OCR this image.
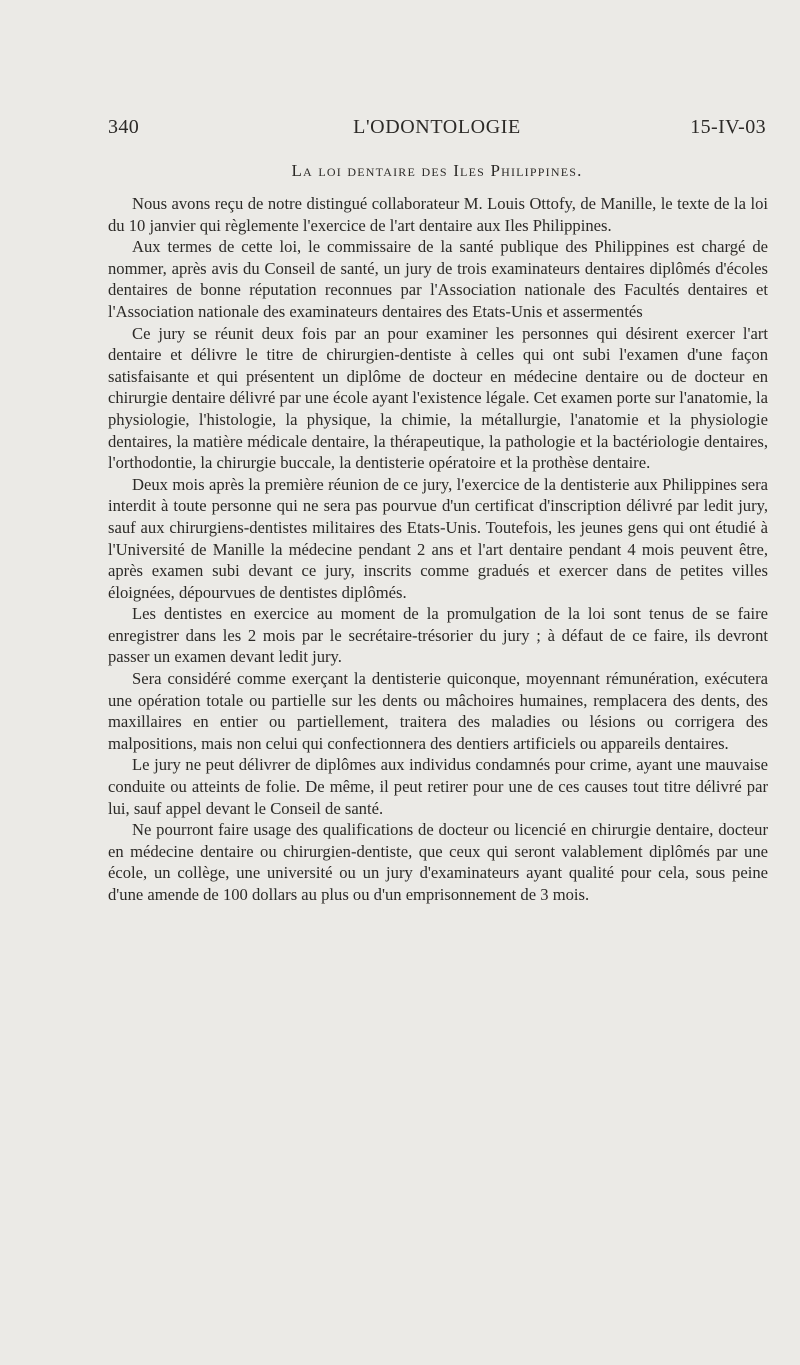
340	L'ODONTOLOGIE	15-IV-03
La loi dentaire des Iles Philippines.

Nous avons reçu de notre distingué collaborateur M. Louis Ottofy, de Manille, le texte de la loi du 10 janvier qui règlemente l'exercice de l'art dentaire aux Iles Philippines.

Aux termes de cette loi, le commissaire de la santé publique des Philippines est chargé de nommer, après avis du Conseil de santé, un jury de trois examinateurs dentaires diplômés d'écoles dentaires de bonne réputation reconnues par l'Association nationale des Facultés dentaires et l'Association nationale des examinateurs dentaires des Etats-Unis et assermentés

Ce jury se réunit deux fois par an pour examiner les personnes qui désirent exercer l'art dentaire et délivre le titre de chirurgien-dentiste à celles qui ont subi l'examen d'une façon satisfaisante et qui présentent un diplôme de docteur en médecine dentaire ou de docteur en chirurgie dentaire délivré par une école ayant l'existence légale. Cet examen porte sur l'anatomie, la physiologie, l'histologie, la physique, la chimie, la métallurgie, l'anatomie et la physiologie dentaires, la matière médicale dentaire, la thérapeutique, la pathologie et la bactériologie dentaires, l'orthodontie, la chirurgie buccale, la dentisterie opératoire et la prothèse dentaire.

Deux mois après la première réunion de ce jury, l'exercice de la dentisterie aux Philippines sera interdit à toute personne qui ne sera pas pourvue d'un certificat d'inscription délivré par ledit jury, sauf aux chirurgiens-dentistes militaires des Etats-Unis. Toutefois, les jeunes gens qui ont étudié à l'Université de Manille la médecine pendant 2 ans et l'art dentaire pendant 4 mois peuvent être, après examen subi devant ce jury, inscrits comme gradués et exercer dans de petites villes éloignées, dépourvues de dentistes diplômés.

Les dentistes en exercice au moment de la promulgation de la loi sont tenus de se faire enregistrer dans les 2 mois par le secrétaire-trésorier du jury ; à défaut de ce faire, ils devront passer un examen devant ledit jury.

Sera considéré comme exerçant la dentisterie quiconque, moyennant rémunération, exécutera une opération totale ou partielle sur les dents ou mâchoires humaines, remplacera des dents, des maxillaires en entier ou partiellement, traitera des maladies ou lésions ou corrigera des malpositions, mais non celui qui confectionnera des dentiers artificiels ou appareils dentaires.

Le jury ne peut délivrer de diplômes aux individus condamnés pour crime, ayant une mauvaise conduite ou atteints de folie. De même, il peut retirer pour une de ces causes tout titre délivré par lui, sauf appel devant le Conseil de santé.

Ne pourront faire usage des qualifications de docteur ou licencié en chirurgie dentaire, docteur en médecine dentaire ou chirurgien-dentiste, que ceux qui seront valablement diplômés par une école, un collège, une université ou un jury d'examinateurs ayant qualité pour cela, sous peine d'une amende de 100 dollars au plus ou d'un emprisonnement de 3 mois.
